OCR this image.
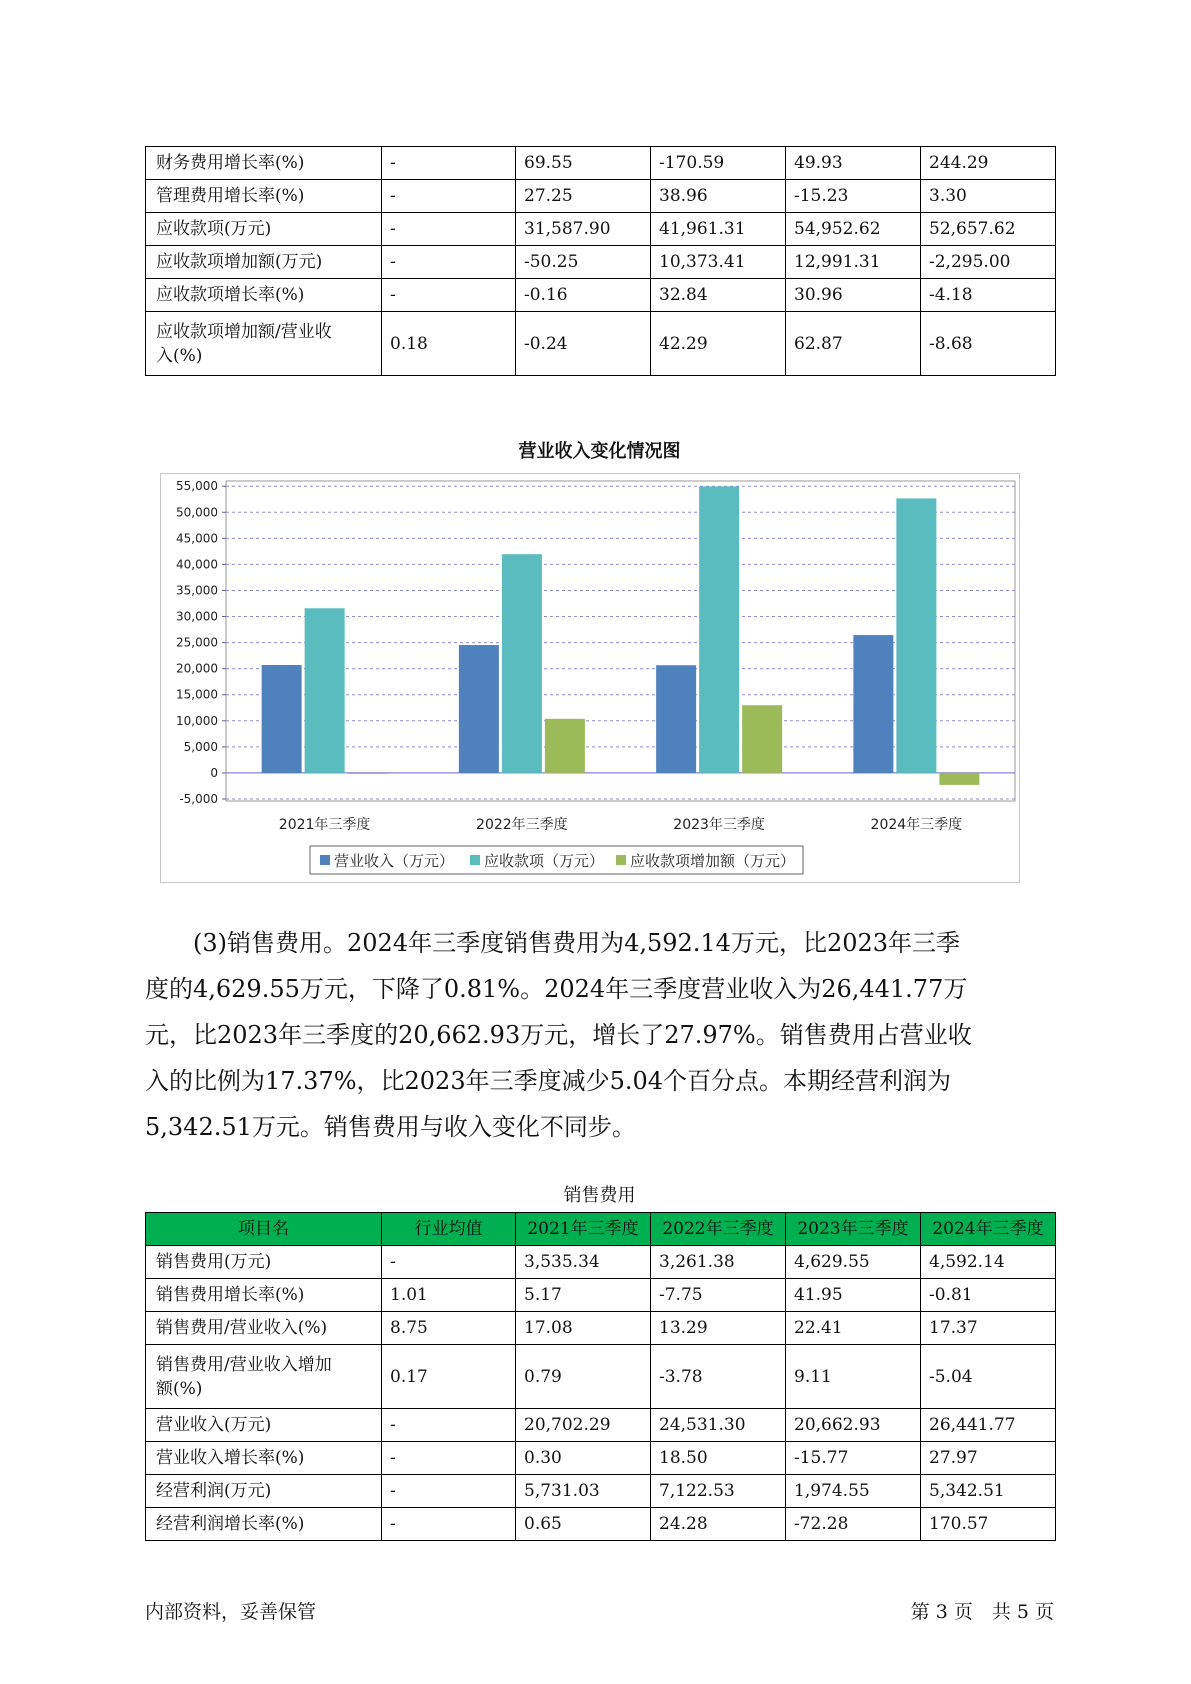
财务费用增长率(%)	-	69.55	-170.59	49.93	244.29
管理费用增长率(%)	-	27.25	38.96	-15.23	3.30
应收款项(万元)	-	31,587.90	41,961.31	54,952.62	52,657.62
应收款项增加额(万元)	-	-50.25	10,373.41	12,991.31	-2,295.00
应收款项增长率(%)	-	-0.16	32.84	30.96	-4.18
应收款项增加额/营业收
入(%)	0.18	-0.24	42.29	62.87	-8.68
营业收入变化情况图
55,000
50,000
45,000
40,000
35,000
30,000
25,000
20,000
15,000
10,000
5,000
0
-5,000
2021年三季度	2022年三季度	2023年三季度	2024年三季度
营业收入（万元） 应收款项（万元） 应收款项增加额（万元）

(3)销售费用。2024年三季度销售费用为4,592.14万元，比2023年三季
度的4,629.55万元，下降了0.81%。2024年三季度营业收入为26,441.77万
元，比2023年三季度的20,662.93万元，增长了27.97%。销售费用占营业收
入的比例为17.37%，比2023年三季度减少5.04个百分点。本期经营利润为
5,342.51万元。销售费用与收入变化不同步。

销售费用
项目名	行业均值	2021年三季度	2022年三季度	2023年三季度	2024年三季度
销售费用(万元)	-	3,535.34	3,261.38	4,629.55	4,592.14
销售费用增长率(%)	1.01	5.17	-7.75	41.95	-0.81
销售费用/营业收入(%)	8.75	17.08	13.29	22.41	17.37
销售费用/营业收入增加
额(%)	0.17	0.79	-3.78	9.11	-5.04
营业收入(万元)	-	20,702.29	24,531.30	20,662.93	26,441.77
营业收入增长率(%)	-	0.30	18.50	-15.77	27.97
经营利润(万元)	-	5,731.03	7,122.53	1,974.55	5,342.51
经营利润增长率(%)	-	0.65	24.28	-72.28	170.57
内部资料，妥善保管	第 3 页　共 5 页
